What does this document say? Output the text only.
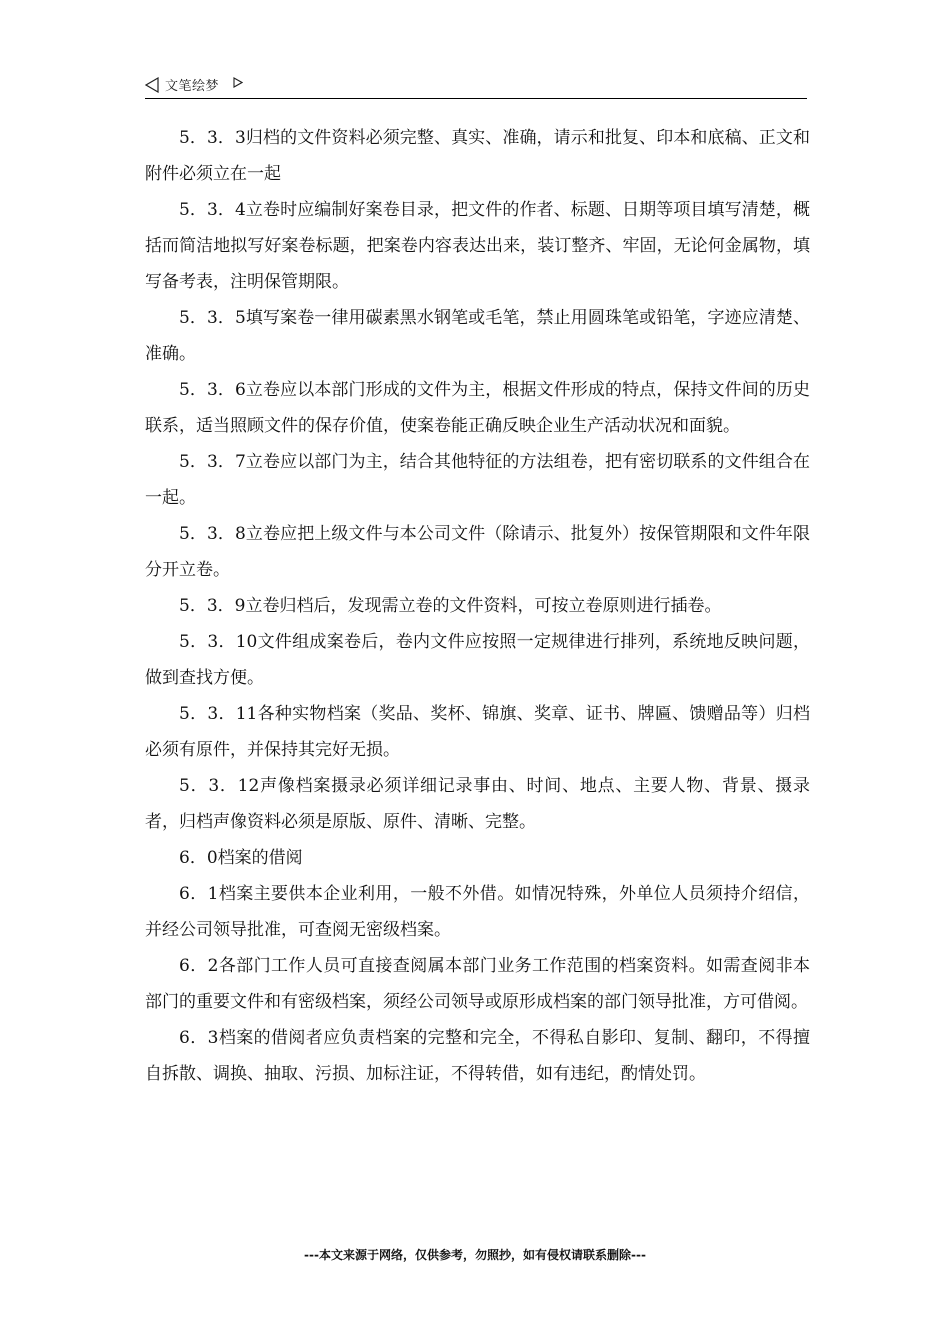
文笔绘梦

5．3．3归档的文件资料必须完整、真实、准确，请示和批复、印本和底稿、正文和附件必须立在一起

5．3．4立卷时应编制好案卷目录，把文件的作者、标题、日期等项目填写清楚，概括而简洁地拟写好案卷标题，把案卷内容表达出来，装订整齐、牢固，无论何金属物，填写备考表，注明保管期限。

5．3．5填写案卷一律用碳素黑水钢笔或毛笔，禁止用圆珠笔或铅笔，字迹应清楚、准确。

5．3．6立卷应以本部门形成的文件为主，根据文件形成的特点，保持文件间的历史联系，适当照顾文件的保存价值，使案卷能正确反映企业生产活动状况和面貌。

5．3．7立卷应以部门为主，结合其他特征的方法组卷，把有密切联系的文件组合在一起。

5．3．8立卷应把上级文件与本公司文件（除请示、批复外）按保管期限和文件年限分开立卷。

5．3．9立卷归档后，发现需立卷的文件资料，可按立卷原则进行插卷。

5．3．10文件组成案卷后，卷内文件应按照一定规律进行排列，系统地反映问题，做到查找方便。

5．3．11各种实物档案（奖品、奖杯、锦旗、奖章、证书、牌匾、馈赠品等）归档必须有原件，并保持其完好无损。

5．3．12声像档案摄录必须详细记录事由、时间、地点、主要人物、背景、摄录者，归档声像资料必须是原版、原件、清晰、完整。

6．0档案的借阅

6．1档案主要供本企业利用，一般不外借。如情况特殊，外单位人员须持介绍信，并经公司领导批准，可查阅无密级档案。

6．2各部门工作人员可直接查阅属本部门业务工作范围的档案资料。如需查阅非本部门的重要文件和有密级档案，须经公司领导或原形成档案的部门领导批准，方可借阅。

6．3档案的借阅者应负责档案的完整和完全，不得私自影印、复制、翻印，不得擅自拆散、调换、抽取、污损、加标注证，不得转借，如有违纪，酌情处罚。

---本文来源于网络，仅供参考，勿照抄，如有侵权请联系删除---
